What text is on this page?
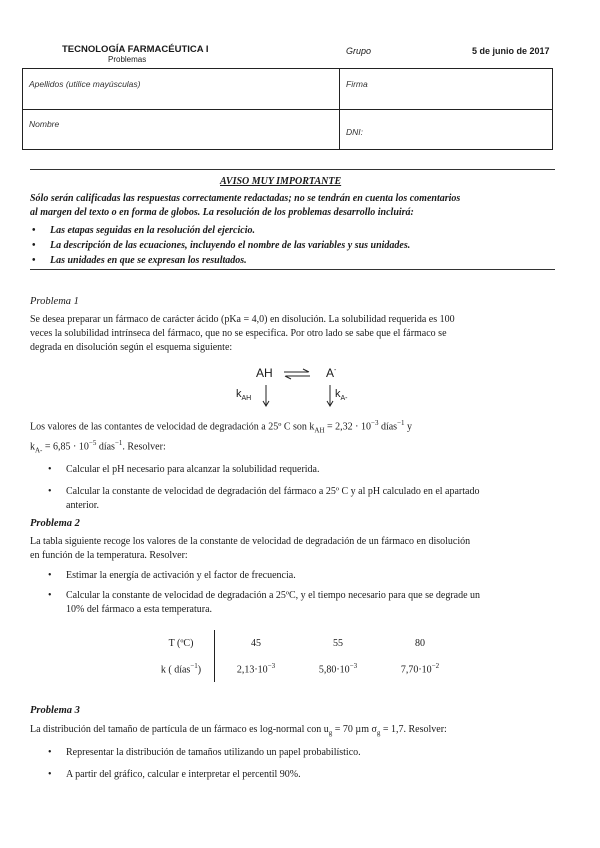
TECNOLOGÍA FARMACÉUTICA I
Problemas
Grupo	5 de junio de 2017
Apellidos (utilice mayúsculas)	Firma
Nombre
DNI:
AVISO MUY IMPORTANTE
Sólo serán calificadas las respuestas correctamente redactadas; no se tendrán en cuenta los comentarios
al margen del texto o en forma de globos. La resolución de los problemas desarrollo incluirá:
• Las etapas seguidas en la resolución del ejercicio.
• La descripción de las ecuaciones, incluyendo el nombre de las variables y sus unidades.
• Las unidades en que se expresan los resultados.
Problema 1
Se desea preparar un fármaco de carácter ácido (pKa = 4,0) en disolución. La solubilidad requerida es 100
veces la solubilidad intrínseca del fármaco, que no se especifica. Por otro lado se sabe que el fármaco se
degrada en disolución según el esquema siguiente:
AH ⇌ A-
$k_{AH}$	$k_{A-}$
Los valores de las contantes de velocidad de degradación a 25º C son $k_{AH} = 2,32 \cdot 10^{-3}$ días$^{-1}$ y
$k_{A-} = 6,85 \cdot 10^{-5}$ días$^{-1}$. Resolver:
• Calcular el pH necesario para alcanzar la solubilidad requerida.
• Calcular la constante de velocidad de degradación del fármaco a 25º C y al pH calculado en el apartado
anterior.
Problema 2
La tabla siguiente recoge los valores de la constante de velocidad de degradación de un fármaco en disolución
en función de la temperatura. Resolver:
• Estimar la energía de activación y el factor de frecuencia.
• Calcular la constante de velocidad de degradación a 25ºC, y el tiempo necesario para que se degrade un
10% del fármaco a esta temperatura.
T (ºC)	45	55	80
k ( días$^{-1}$)	$2,13\cdot 10^{-3}$	$5,80\cdot 10^{-3}$	$7,70\cdot 10^{-2}$
Problema 3
La distribución del tamaño de partícula de un fármaco es log-normal con $u_g = 70$ µm $\sigma_g = 1,7$. Resolver:
• Representar la distribución de tamaños utilizando un papel probabilístico.
• A partir del gráfico, calcular e interpretar el percentil 90%.
